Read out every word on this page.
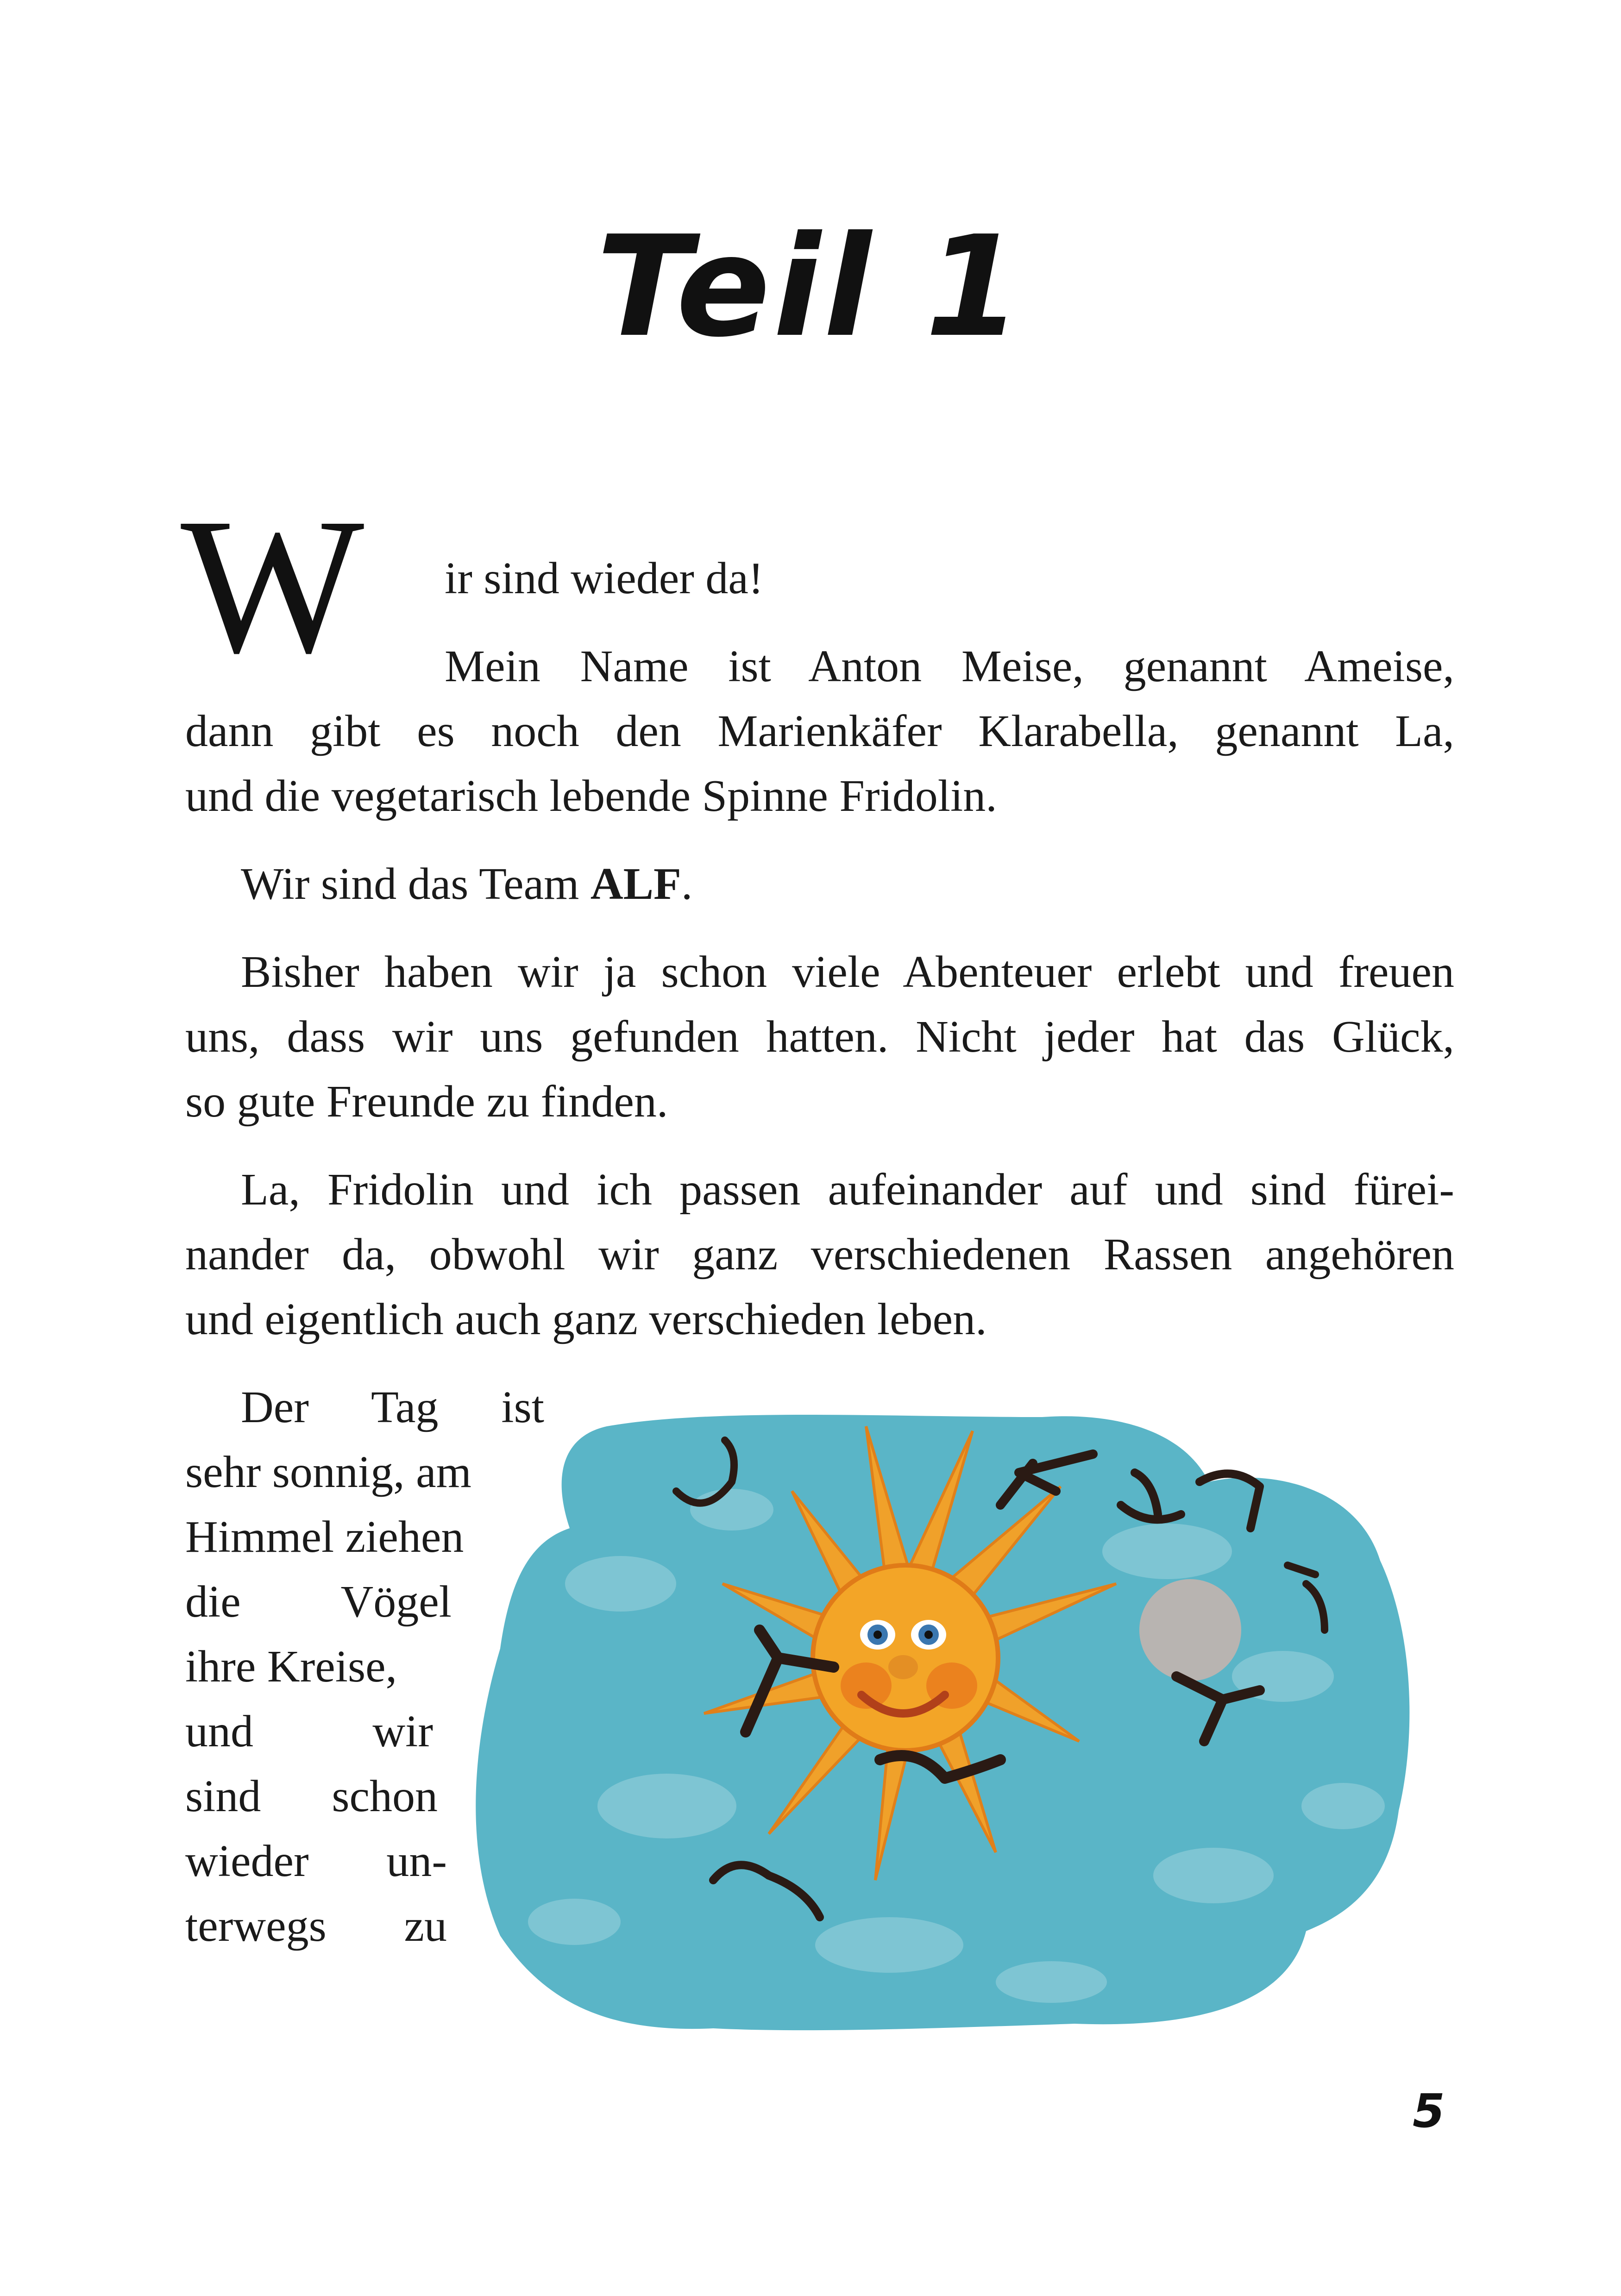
Teil 1
W ir sind wieder da!
Mein Name ist Anton Meise, genannt Ameise,
dann gibt es noch den Marienkäfer Klarabella, genannt La,
und die vegetarisch lebende Spinne Fridolin.
Wir sind das Team ALF.
Bisher haben wir ja schon viele Abenteuer erlebt und freuen
uns, dass wir uns gefunden hatten. Nicht jeder hat das Glück,
so gute Freunde zu finden.
La, Fridolin und ich passen aufeinander auf und sind fürei-
nander da, obwohl wir ganz verschiedenen Rassen angehören
und eigentlich auch ganz verschieden leben.
Der Tag ist
sehr sonnig, am
Himmel ziehen
die Vögel
ihre Kreise,
und wir
sind schon
wieder un-
terwegs zu
5
